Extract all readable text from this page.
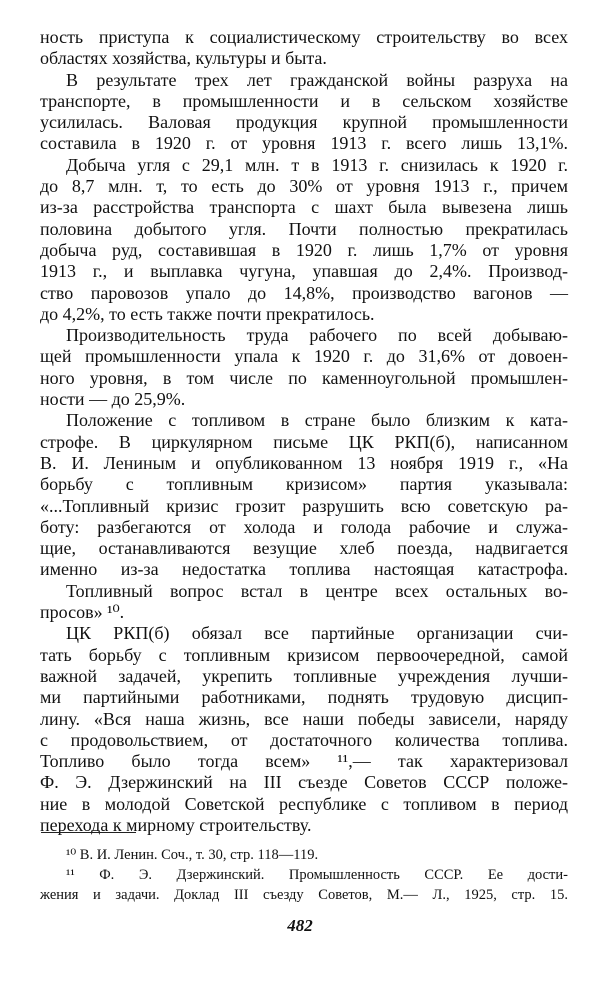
ность приступа к социалистическому строительству во всех
областях хозяйства, культуры и быта.
В результате трех лет гражданской войны разруха на
транспорте, в промышленности и в сельском хозяйстве
усилилась. Валовая продукция крупной промышленности
составила в 1920 г. от уровня 1913 г. всего лишь 13,1%.
Добыча угля с 29,1 млн. т в 1913 г. снизилась к 1920 г.
до 8,7 млн. т, то есть до 30% от уровня 1913 г., причем
из-за расстройства транспорта с шахт была вывезена лишь
половина добытого угля. Почти полностью прекратилась
добыча руд, составившая в 1920 г. лишь 1,7% от уровня
1913 г., и выплавка чугуна, упавшая до 2,4%. Производ-
ство паровозов упало до 14,8%, производство вагонов —
до 4,2%, то есть также почти прекратилось.
Производительность труда рабочего по всей добываю-
щей промышленности упала к 1920 г. до 31,6% от довоен-
ного уровня, в том числе по каменноугольной промышлен-
ности — до 25,9%.
Положение с топливом в стране было близким к ката-
строфе. В циркулярном письме ЦК РКП(б), написанном
В. И. Лениным и опубликованном 13 ноября 1919 г., «На
борьбу с топливным кризисом» партия указывала:
«...Топливный кризис грозит разрушить всю советскую ра-
боту: разбегаются от холода и голода рабочие и служа-
щие, останавливаются везущие хлеб поезда, надвигается
именно из-за недостатка топлива настоящая катастрофа.
Топливный вопрос встал в центре всех остальных во-
просов» ¹⁰.
ЦК РКП(б) обязал все партийные организации счи-
тать борьбу с топливным кризисом первоочередной, самой
важной задачей, укрепить топливные учреждения лучши-
ми партийными работниками, поднять трудовую дисцип-
лину. «Вся наша жизнь, все наши победы зависели, наряду
с продовольствием, от достаточного количества топлива.
Топливо было тогда всем» ¹¹,— так характеризовал
Ф. Э. Дзержинский на III съезде Советов СССР положе-
ние в молодой Советской республике с топливом в период
перехода к мирному строительству.
¹⁰ В. И. Ленин. Соч., т. 30, стр. 118—119.
¹¹ Ф. Э. Дзержинский. Промышленность СССР. Ее дости-
жения и задачи. Доклад III съезду Советов, М.— Л., 1925, стр. 15.
482
